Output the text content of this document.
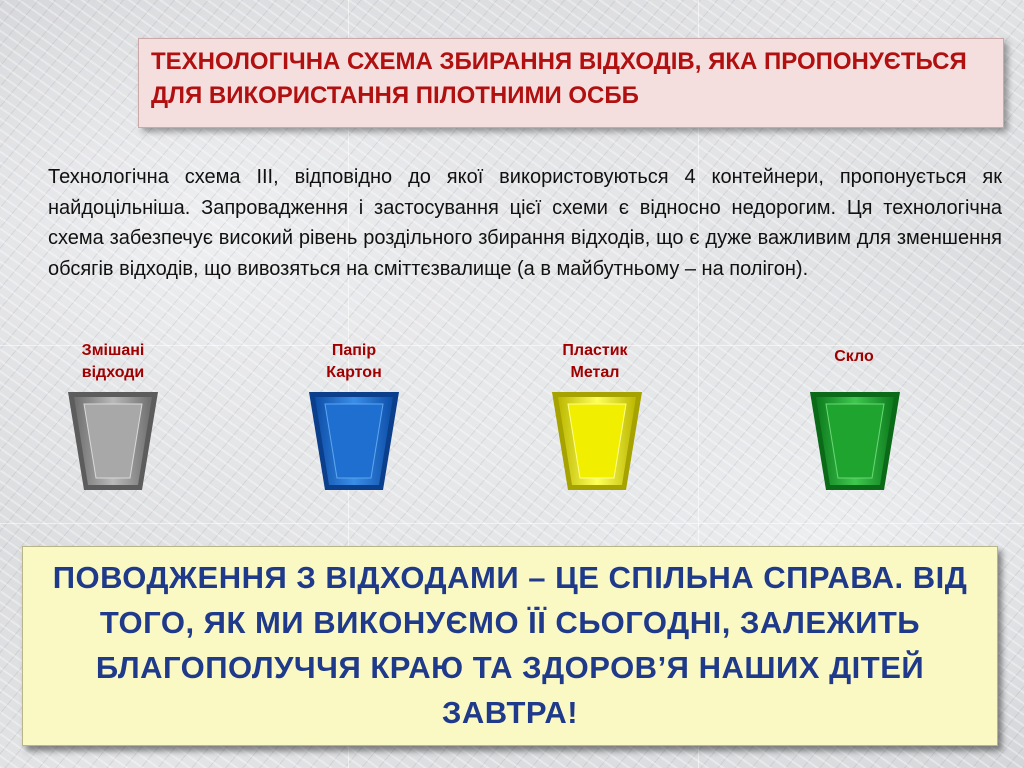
ТЕХНОЛОГІЧНА СХЕМА ЗБИРАННЯ ВІДХОДІВ, ЯКА ПРОПОНУЄТЬСЯ ДЛЯ ВИКОРИСТАННЯ ПІЛОТНИМИ ОСББ

Технологічна схема ІІІ, відповідно до якої використовуються 4 контейнери, пропонується як найдоцільніша. Запровадження і застосування цієї схеми є відносно недорогим. Ця технологічна схема забезпечує високий рівень роздільного збирання відходів, що є дуже важливим для зменшення обсягів відходів, що вивозяться на сміттєзвалище (а в майбутньому – на полігон).

Змішані
відходи
Папір
Картон
Пластик
Метал
Скло

ПОВОДЖЕННЯ З ВІДХОДАМИ – ЦЕ СПІЛЬНА СПРАВА. ВІД ТОГО, ЯК МИ ВИКОНУЄМО ЇЇ СЬОГОДНІ, ЗАЛЕЖИТЬ БЛАГОПОЛУЧЧЯ КРАЮ ТА ЗДОРОВ’Я НАШИХ ДІТЕЙ ЗАВТРА!
